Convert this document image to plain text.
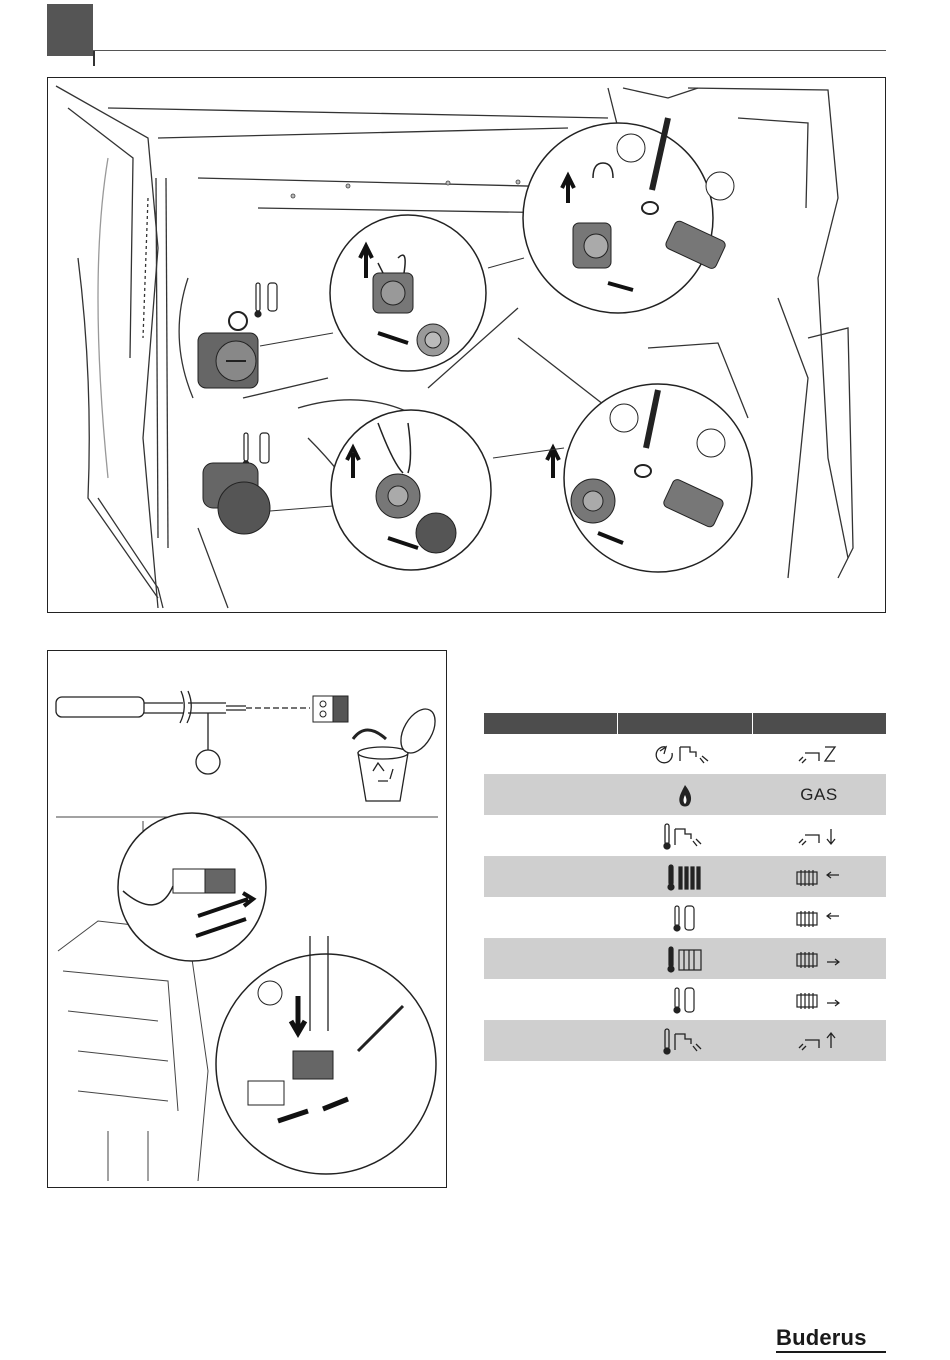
		GAS

Buderus
